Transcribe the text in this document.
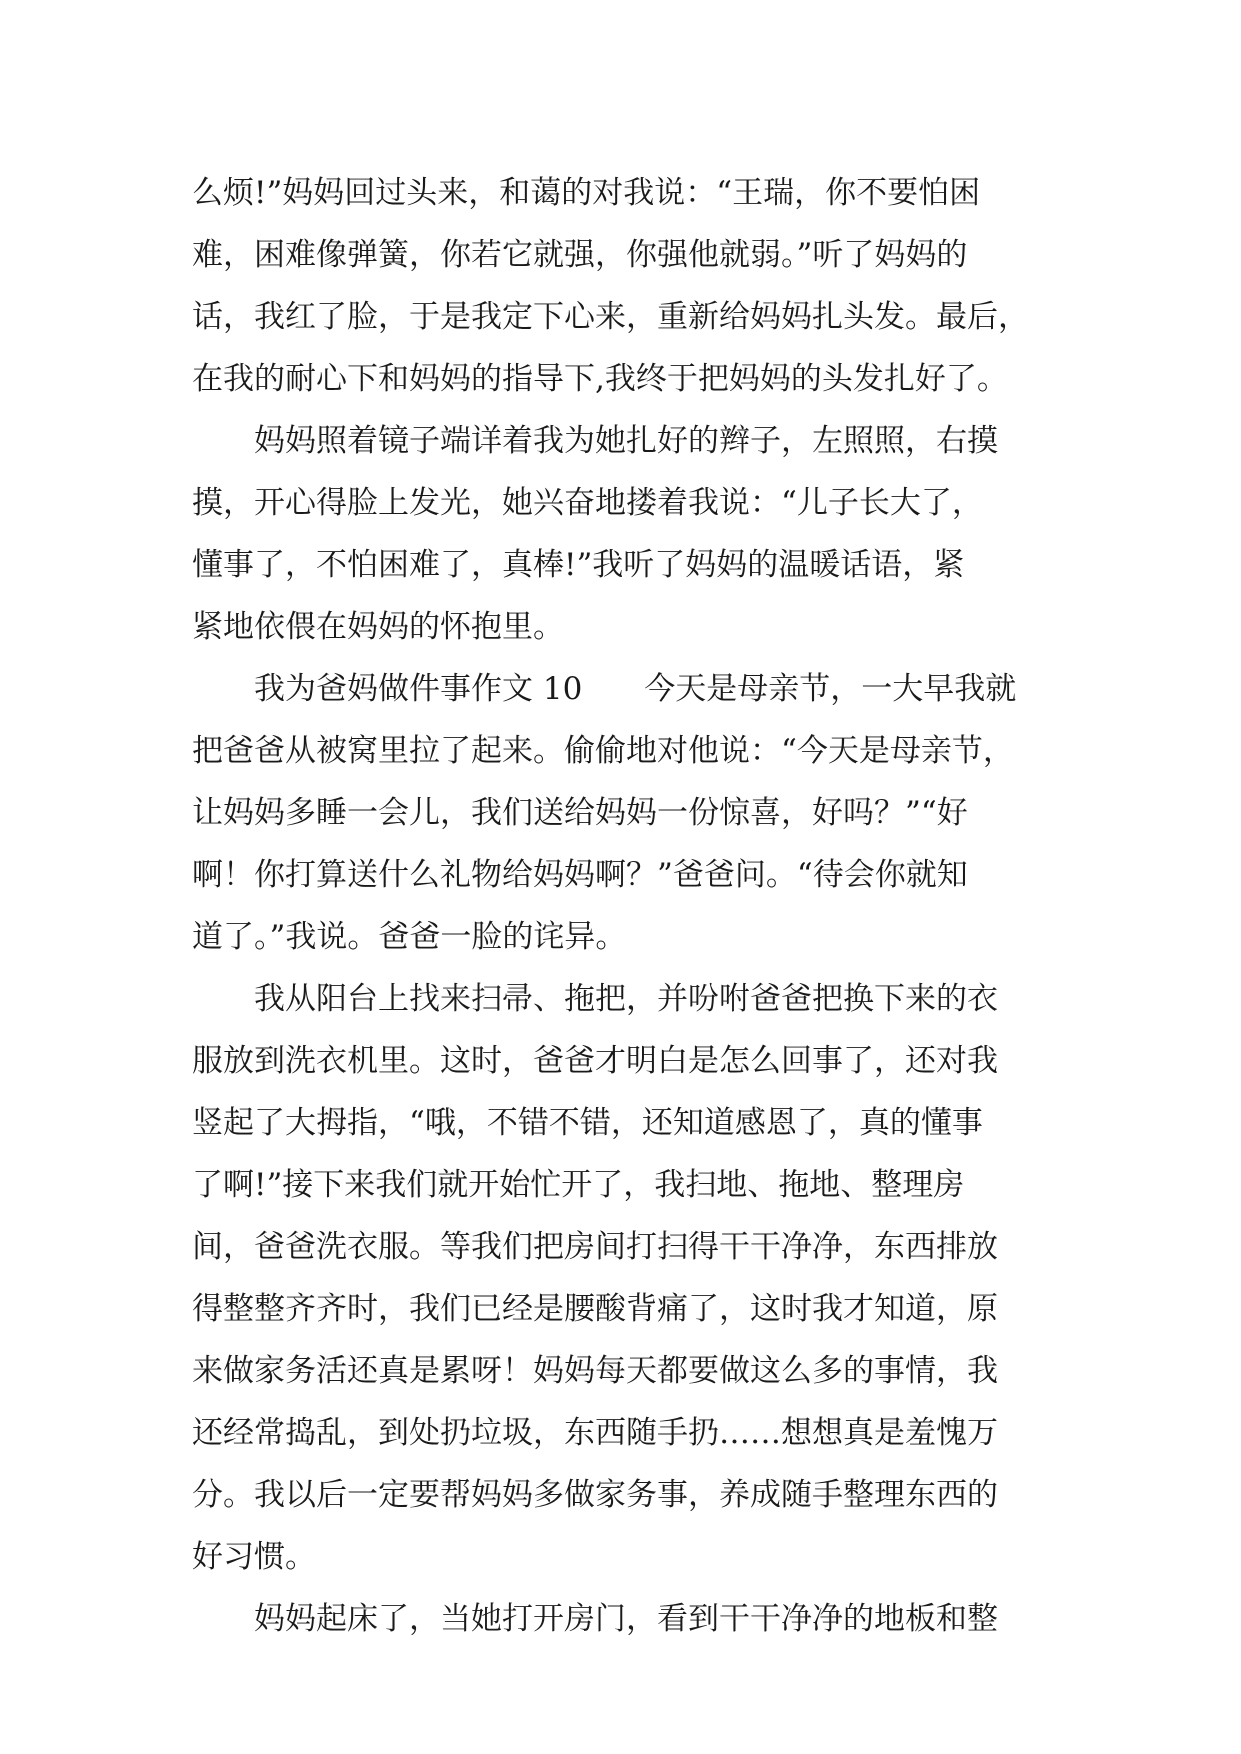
么烦!”妈妈回过头来，和蔼的对我说：“王瑞，你不要怕困
难，困难像弹簧，你若它就强，你强他就弱。”听了妈妈的
话，我红了脸，于是我定下心来，重新给妈妈扎头发。最后，
在我的耐心下和妈妈的指导下,我终于把妈妈的头发扎好了。
　　妈妈照着镜子端详着我为她扎好的辫子，左照照，右摸
摸，开心得脸上发光，她兴奋地搂着我说：“儿子长大了，
懂事了，不怕困难了，真棒!”我听了妈妈的温暖话语，紧
紧地依偎在妈妈的怀抱里。
　　我为爸妈做件事作文 10　　今天是母亲节，一大早我就
把爸爸从被窝里拉了起来。偷偷地对他说：“今天是母亲节，
让妈妈多睡一会儿，我们送给妈妈一份惊喜，好吗？”“好
啊！你打算送什么礼物给妈妈啊？”爸爸问。“待会你就知
道了。”我说。爸爸一脸的诧异。
　　我从阳台上找来扫帚、拖把，并吩咐爸爸把换下来的衣
服放到洗衣机里。这时，爸爸才明白是怎么回事了，还对我
竖起了大拇指，“哦，不错不错，还知道感恩了，真的懂事
了啊!”接下来我们就开始忙开了，我扫地、拖地、整理房
间，爸爸洗衣服。等我们把房间打扫得干干净净，东西排放
得整整齐齐时，我们已经是腰酸背痛了，这时我才知道，原
来做家务活还真是累呀！妈妈每天都要做这么多的事情，我
还经常捣乱，到处扔垃圾，东西随手扔……想想真是羞愧万
分。我以后一定要帮妈妈多做家务事，养成随手整理东西的
好习惯。
　　妈妈起床了，当她打开房门，看到干干净净的地板和整
